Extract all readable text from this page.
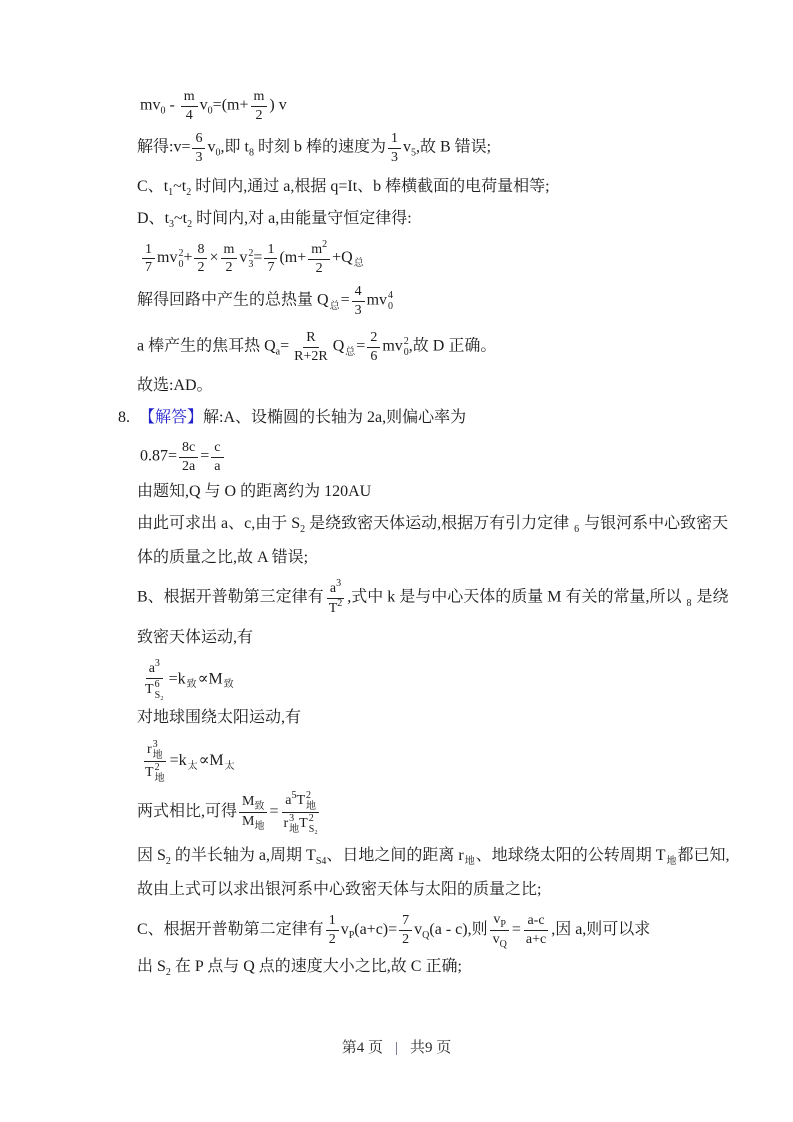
$mv_0 - \frac{m}{4} v_0=(m+ \frac{m}{2}$ ) v
解得:v= $\frac{6}{3} v_0$,即 $t_8$ 时刻 b 棒的速度为 $\frac{1}{3} v_5$,故 B 错误;
C、$t_1\sim t_2$ 时间内,通过 a,根据 q=It、b 棒横截面的电荷量相等;
D、$t_3\sim t_2$ 时间内,对 a,由能量守恒定律得:
$\frac{1}{7}$ mv 2
$0 + \frac{8}{2} \times \frac{m}{2}$ v 2
$3 = \frac{1}{7} (m+ \frac{m^2}{2} +Q_总$
解得回路中产生的总热量 $Q_总= \frac{4}{3}$ mv 4
0
a 棒产生的焦耳热 $Q_a= \frac{R}{R+2R} Q_总= \frac{2}{6}$ mv 2
0 ,故 D 正确。
故选:AD。
8. 【解答】解:A、设椭圆的长轴为 2a,则偏心率为
$0.87= \frac{8c}{2a} = \frac{c}{a}$
由题知,Q 与 O 的距离约为 120AU
由此可求出 a、c,由于 $S_2$ 是绕致密天体运动,根据万有引力定律 $_6$ 与银河系中心致密天
体的质量之比,故 A 错误;
B、根据开普勒第三定律有 $\frac{a^3}{T^2}$ ,式中 k 是与中心天体的质量 M 有关的常量,所以 $_8$ 是绕
致密天体运动,有
$a^3$
T 6
$S_2 =k_致\propto M_致$
对地球围绕太阳运动,有
r 3
地
T 2
地 $=k_太\propto M_太$
两式相比,可得 $\frac{M_致}{M_地} = a^5T$ 2
地
r 3
地 T 2
S₂
因 $S_2$ 的半长轴为 a,周期 $T_{S4}$、日地之间的距离 $r_地$、地球绕太阳的公转周期 $T_地$都已知,
故由上式可以求出银河系中心致密天体与太阳的质量之比;
C、根据开普勒第二定律有 $\frac{1}{2} v_P(a+c)= \frac{7}{2} v_Q(a - c)$,则 $\frac{v_P}{v_Q} = \frac{a-c}{a+c}$ ,因 a,则可以求
出 $S_2$ 在 P 点与 Q 点的速度大小之比,故 C 正确;
第4 页 | 共9 页
